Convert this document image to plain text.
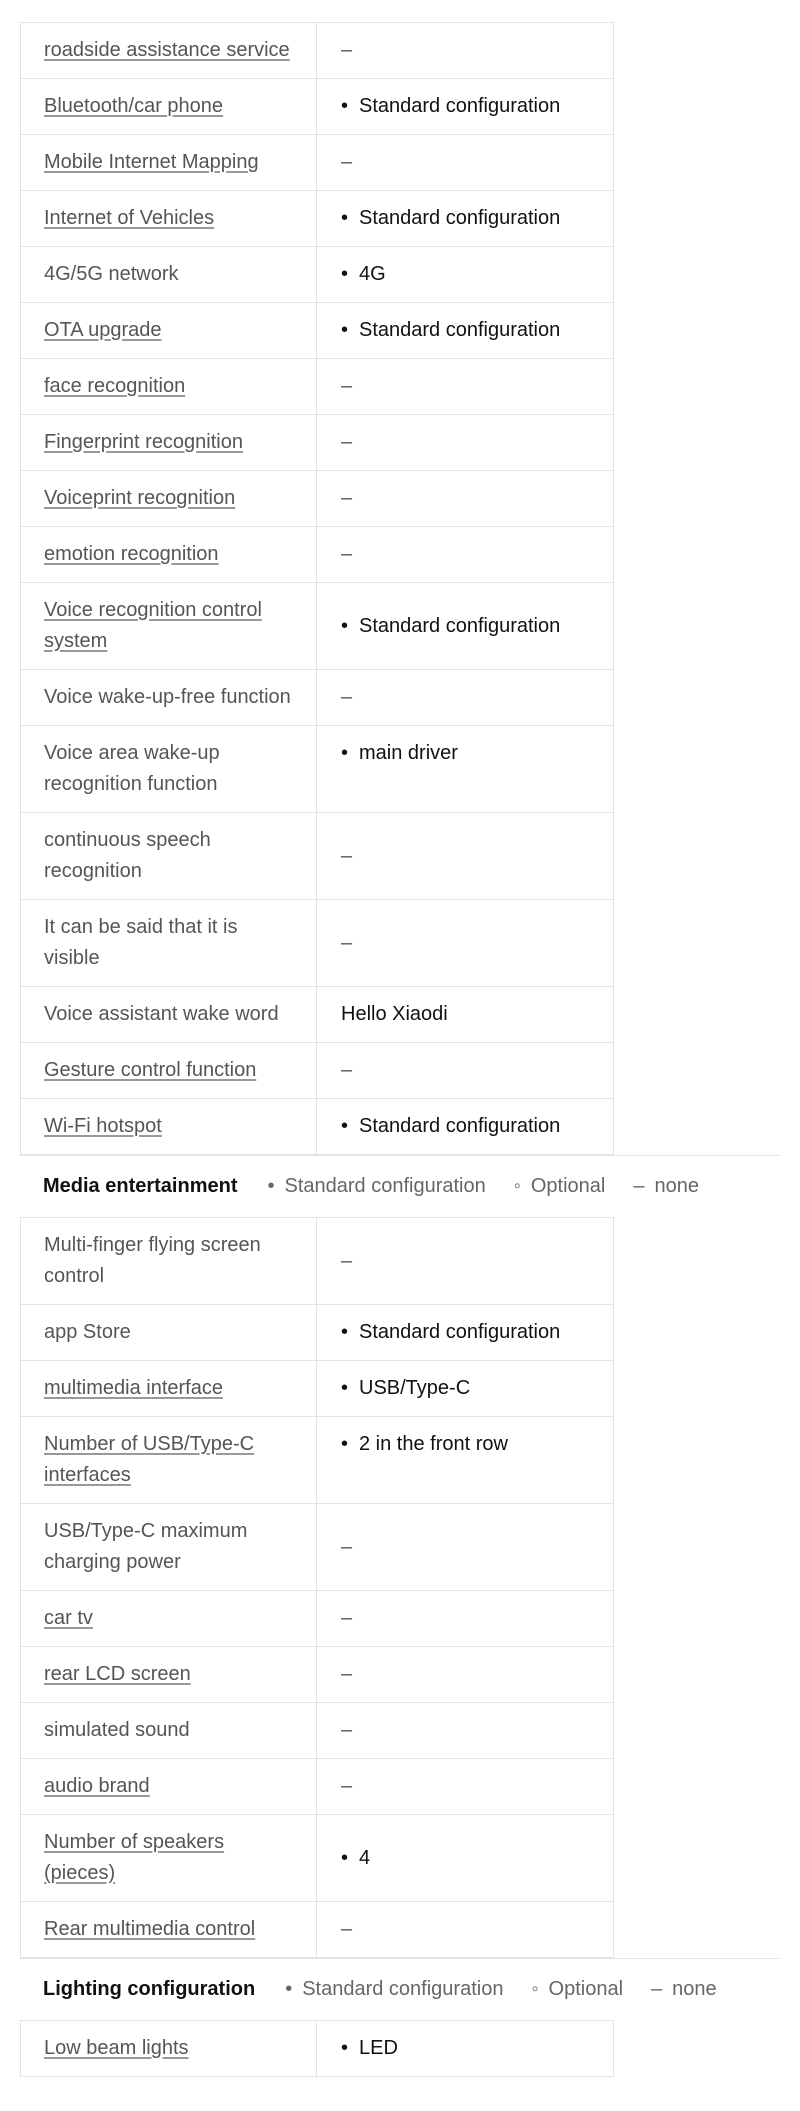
roadside assistance service	–
Bluetooth/car phone	• Standard configuration
Mobile Internet Mapping	–
Internet of Vehicles	• Standard configuration
4G/5G network	• 4G
OTA upgrade	• Standard configuration
face recognition	–
Fingerprint recognition	–
Voiceprint recognition	–
emotion recognition	–
Voice recognition control system	• Standard configuration
Voice wake-up-free function	–
Voice area wake-up recognition function	• main driver
continuous speech recognition	–
It can be said that it is visible	–
Voice assistant wake word	Hello Xiaodi
Gesture control function	–
Wi-Fi hotspot	• Standard configuration
Media entertainment • Standard configuration ◦ Optional – none
Multi-finger flying screen control	–
app Store	• Standard configuration
multimedia interface	• USB/Type-C
Number of USB/Type-C interfaces	• 2 in the front row
USB/Type-C maximum charging power	–
car tv	–
rear LCD screen	–
simulated sound	–
audio brand	–
Number of speakers (pieces)	• 4
Rear multimedia control	–
Lighting configuration • Standard configuration ◦ Optional – none
Low beam lights	• LED
